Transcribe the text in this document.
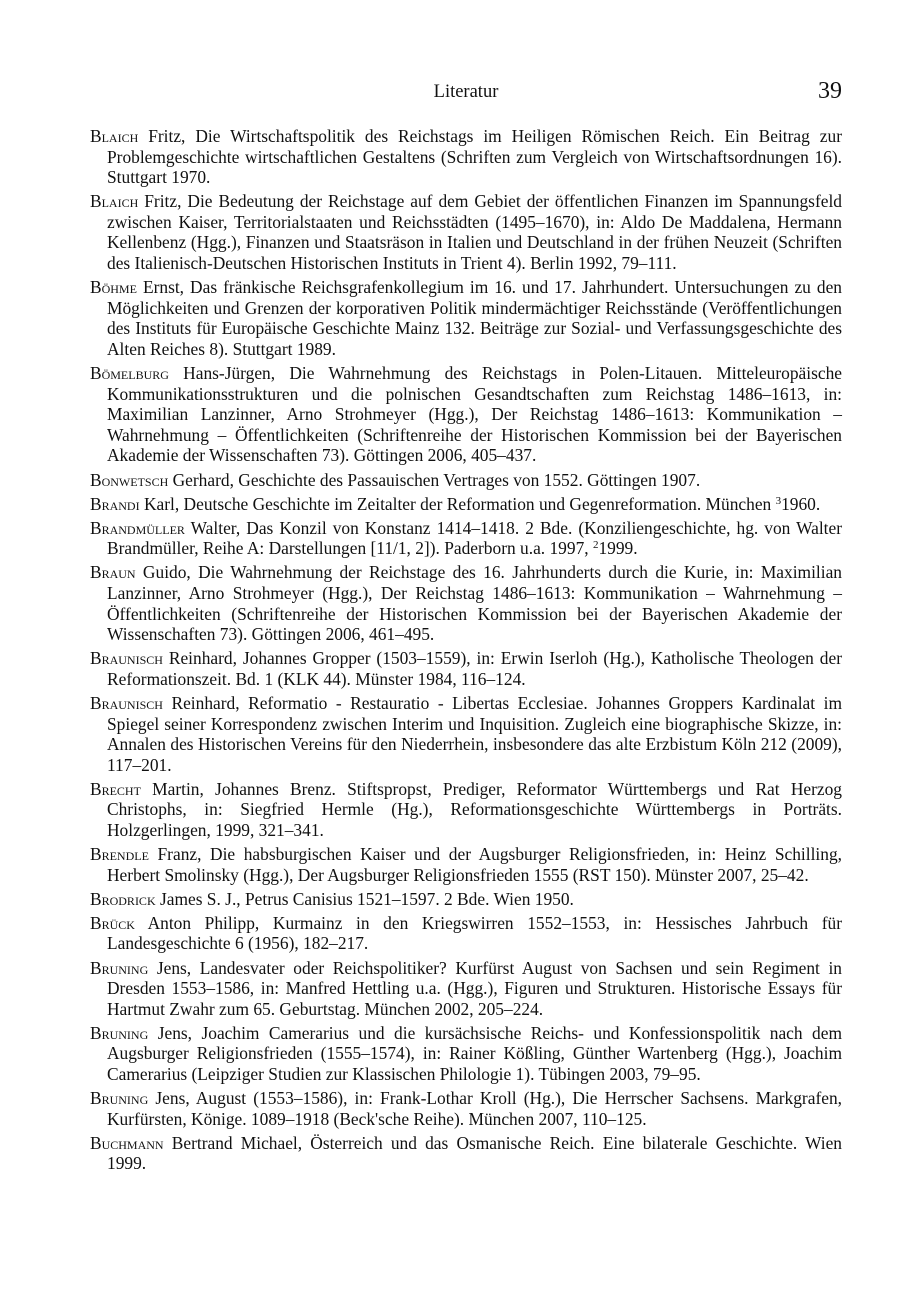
Literatur	39

Blaich Fritz, Die Wirtschaftspolitik des Reichstags im Heiligen Römischen Reich. Ein Beitrag zur Problemgeschichte wirtschaftlichen Gestaltens (Schriften zum Vergleich von Wirtschaftsordnungen 16). Stuttgart 1970.

Blaich Fritz, Die Bedeutung der Reichstage auf dem Gebiet der öffentlichen Finanzen im Spannungsfeld zwischen Kaiser, Territorialstaaten und Reichsstädten (1495–1670), in: Aldo De Maddalena, Hermann Kellenbenz (Hgg.), Finanzen und Staatsräson in Italien und Deutschland in der frühen Neuzeit (Schriften des Italienisch-Deutschen Historischen Instituts in Trient 4). Berlin 1992, 79–111.

Böhme Ernst, Das fränkische Reichsgrafenkollegium im 16. und 17. Jahrhundert. Untersuchungen zu den Möglichkeiten und Grenzen der korporativen Politik mindermächtiger Reichsstände (Veröffentlichungen des Instituts für Europäische Geschichte Mainz 132. Beiträge zur Sozial- und Verfassungsgeschichte des Alten Reiches 8). Stuttgart 1989.

Bömelburg Hans-Jürgen, Die Wahrnehmung des Reichstags in Polen-Litauen. Mitteleuropäische Kommunikationsstrukturen und die polnischen Gesandtschaften zum Reichstag 1486–1613, in: Maximilian Lanzinner, Arno Strohmeyer (Hgg.), Der Reichstag 1486–1613: Kommunikation – Wahrnehmung – Öffentlichkeiten (Schriftenreihe der Historischen Kommission bei der Bayerischen Akademie der Wissenschaften 73). Göttingen 2006, 405–437.

Bonwetsch Gerhard, Geschichte des Passauischen Vertrages von 1552. Göttingen 1907.

Brandi Karl, Deutsche Geschichte im Zeitalter der Reformation und Gegenreformation. München $^3$1960.

Brandmüller Walter, Das Konzil von Konstanz 1414–1418. 2 Bde. (Konziliengeschichte, hg. von Walter Brandmüller, Reihe A: Darstellungen [11/1, 2]). Paderborn u.a. 1997, $^2$1999.

Braun Guido, Die Wahrnehmung der Reichstage des 16. Jahrhunderts durch die Kurie, in: Maximilian Lanzinner, Arno Strohmeyer (Hgg.), Der Reichstag 1486–1613: Kommunikation – Wahrnehmung – Öffentlichkeiten (Schriftenreihe der Historischen Kommission bei der Bayerischen Akademie der Wissenschaften 73). Göttingen 2006, 461–495.

Braunisch Reinhard, Johannes Gropper (1503–1559), in: Erwin Iserloh (Hg.), Katholische Theologen der Reformationszeit. Bd. 1 (KLK 44). Münster 1984, 116–124.

Braunisch Reinhard, Reformatio - Restauratio - Libertas Ecclesiae. Johannes Groppers Kardinalat im Spiegel seiner Korrespondenz zwischen Interim und Inquisition. Zugleich eine biographische Skizze, in: Annalen des Historischen Vereins für den Niederrhein, insbesondere das alte Erzbistum Köln 212 (2009), 117–201.

Brecht Martin, Johannes Brenz. Stiftspropst, Prediger, Reformator Württembergs und Rat Herzog Christophs, in: Siegfried Hermle (Hg.), Reformationsgeschichte Württembergs in Porträts. Holzgerlingen, 1999, 321–341.

Brendle Franz, Die habsburgischen Kaiser und der Augsburger Religionsfrieden, in: Heinz Schilling, Herbert Smolinsky (Hgg.), Der Augsburger Religionsfrieden 1555 (RST 150). Münster 2007, 25–42.

Brodrick James S. J., Petrus Canisius 1521–1597. 2 Bde. Wien 1950.

Brück Anton Philipp, Kurmainz in den Kriegswirren 1552–1553, in: Hessisches Jahrbuch für Landesgeschichte 6 (1956), 182–217.

Bruning Jens, Landesvater oder Reichspolitiker? Kurfürst August von Sachsen und sein Regiment in Dresden 1553–1586, in: Manfred Hettling u.a. (Hgg.), Figuren und Strukturen. Historische Essays für Hartmut Zwahr zum 65. Geburtstag. München 2002, 205–224.

Bruning Jens, Joachim Camerarius und die kursächsische Reichs- und Konfessionspolitik nach dem Augsburger Religionsfrieden (1555–1574), in: Rainer Kößling, Günther Wartenberg (Hgg.), Joachim Camerarius (Leipziger Studien zur Klassischen Philologie 1). Tübingen 2003, 79–95.

Bruning Jens, August (1553–1586), in: Frank-Lothar Kroll (Hg.), Die Herrscher Sachsens. Markgrafen, Kurfürsten, Könige. 1089–1918 (Beck'sche Reihe). München 2007, 110–125.

Buchmann Bertrand Michael, Österreich und das Osmanische Reich. Eine bilaterale Geschichte. Wien 1999.
